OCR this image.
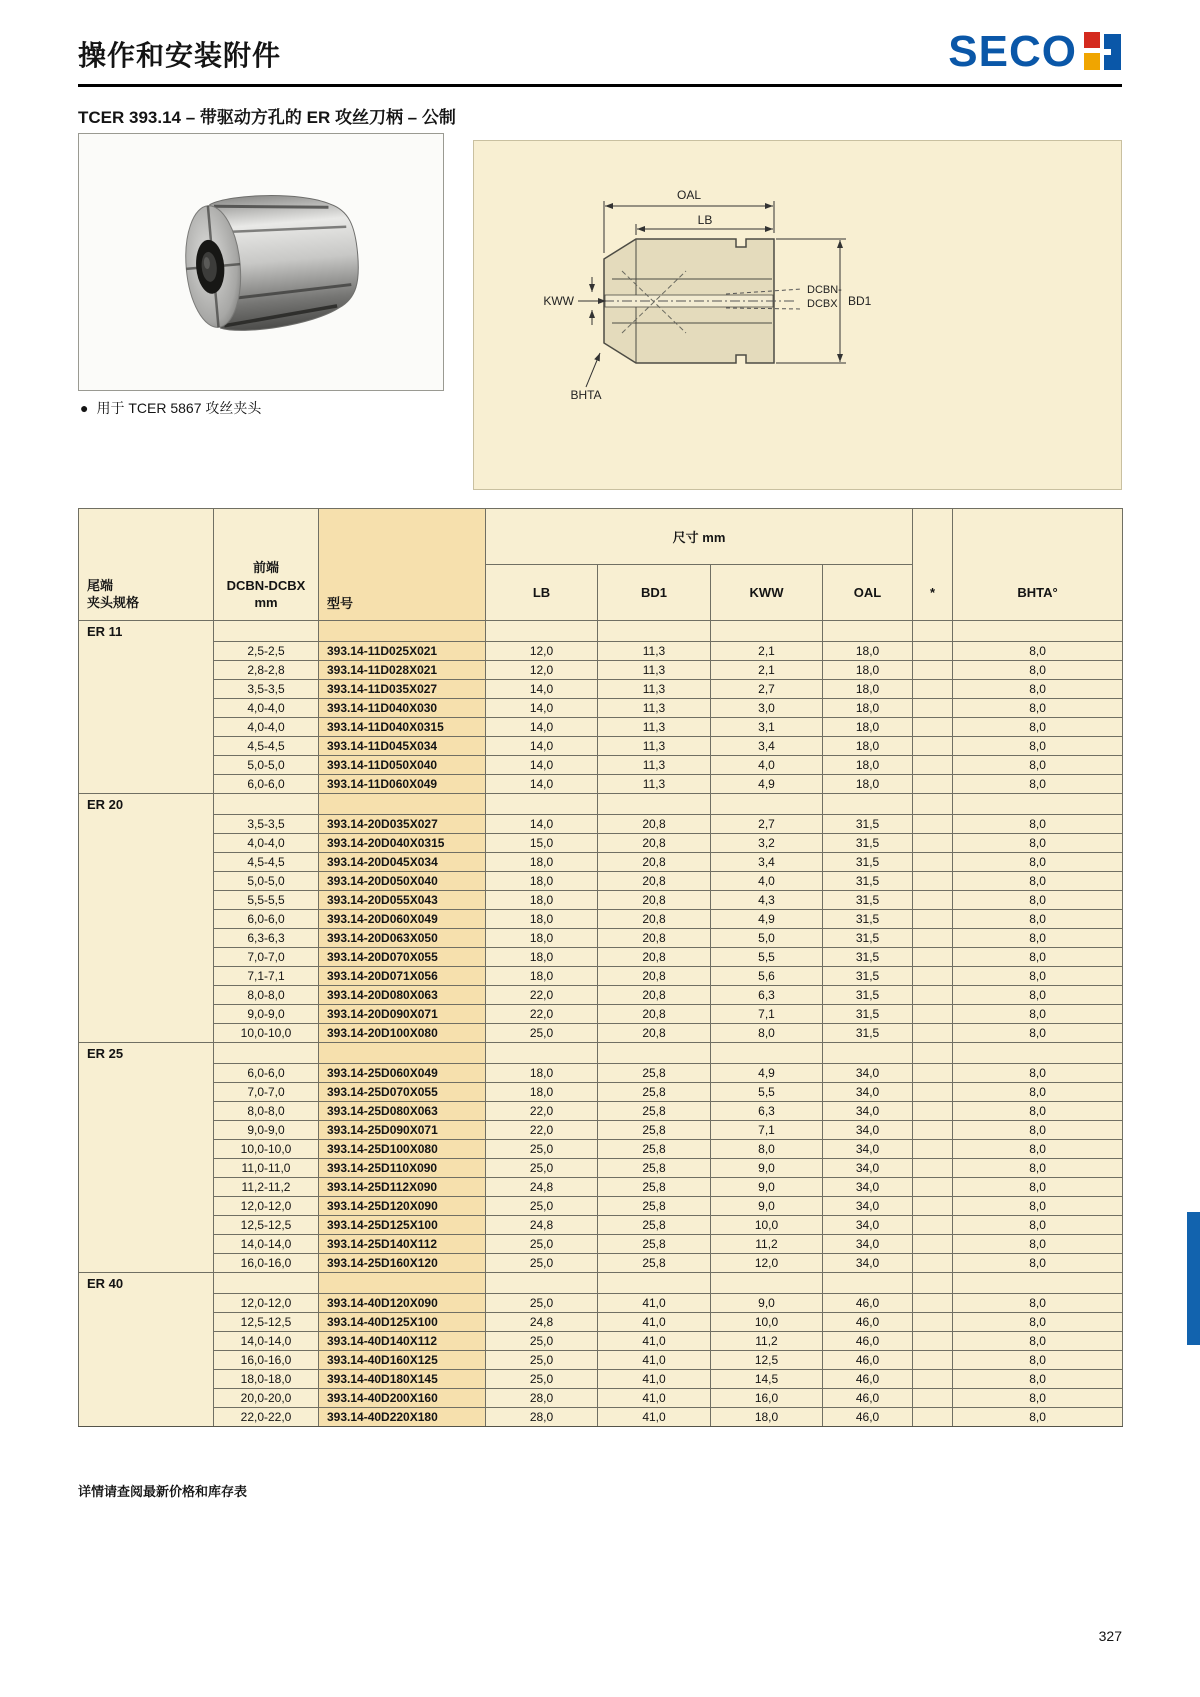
操作和安装附件	SECO
TCER 393.14 – 带驱动方孔的 ER 攻丝刀柄 – 公制
● 用于 TCER 5867 攻丝夹头
OAL
LB
KWW
BHTA
DCBN-
DCBX BD1
尾端
夹头规格

前端
DCBN-DCBX
mm	型号	尺寸 mm	*	BHTA°
			LB	BD1	KWW	OAL		
ER 11								
	2,5-2,5	393.14-11D025X021	12,0	11,3	2,1	18,0		8,0
	2,8-2,8	393.14-11D028X021	12,0	11,3	2,1	18,0		8,0
	3,5-3,5	393.14-11D035X027	14,0	11,3	2,7	18,0		8,0
	4,0-4,0	393.14-11D040X030	14,0	11,3	3,0	18,0		8,0
	4,0-4,0	393.14-11D040X0315	14,0	11,3	3,1	18,0		8,0
	4,5-4,5	393.14-11D045X034	14,0	11,3	3,4	18,0		8,0
	5,0-5,0	393.14-11D050X040	14,0	11,3	4,0	18,0		8,0
	6,0-6,0	393.14-11D060X049	14,0	11,3	4,9	18,0		8,0
ER 20								
	3,5-3,5	393.14-20D035X027	14,0	20,8	2,7	31,5		8,0
	4,0-4,0	393.14-20D040X0315	15,0	20,8	3,2	31,5		8,0
	4,5-4,5	393.14-20D045X034	18,0	20,8	3,4	31,5		8,0
	5,0-5,0	393.14-20D050X040	18,0	20,8	4,0	31,5		8,0
	5,5-5,5	393.14-20D055X043	18,0	20,8	4,3	31,5		8,0
	6,0-6,0	393.14-20D060X049	18,0	20,8	4,9	31,5		8,0
	6,3-6,3	393.14-20D063X050	18,0	20,8	5,0	31,5		8,0
	7,0-7,0	393.14-20D070X055	18,0	20,8	5,5	31,5		8,0
	7,1-7,1	393.14-20D071X056	18,0	20,8	5,6	31,5		8,0
	8,0-8,0	393.14-20D080X063	22,0	20,8	6,3	31,5		8,0
	9,0-9,0	393.14-20D090X071	22,0	20,8	7,1	31,5		8,0
	10,0-10,0	393.14-20D100X080	25,0	20,8	8,0	31,5		8,0
ER 25								
	6,0-6,0	393.14-25D060X049	18,0	25,8	4,9	34,0		8,0
	7,0-7,0	393.14-25D070X055	18,0	25,8	5,5	34,0		8,0
	8,0-8,0	393.14-25D080X063	22,0	25,8	6,3	34,0		8,0
	9,0-9,0	393.14-25D090X071	22,0	25,8	7,1	34,0		8,0
	10,0-10,0	393.14-25D100X080	25,0	25,8	8,0	34,0		8,0
	11,0-11,0	393.14-25D110X090	25,0	25,8	9,0	34,0		8,0
	11,2-11,2	393.14-25D112X090	24,8	25,8	9,0	34,0		8,0
	12,0-12,0	393.14-25D120X090	25,0	25,8	9,0	34,0		8,0
	12,5-12,5	393.14-25D125X100	24,8	25,8	10,0	34,0		8,0
	14,0-14,0	393.14-25D140X112	25,0	25,8	11,2	34,0		8,0
	16,0-16,0	393.14-25D160X120	25,0	25,8	12,0	34,0		8,0
ER 40								
	12,0-12,0	393.14-40D120X090	25,0	41,0	9,0	46,0		8,0
	12,5-12,5	393.14-40D125X100	24,8	41,0	10,0	46,0		8,0
	14,0-14,0	393.14-40D140X112	25,0	41,0	11,2	46,0		8,0
	16,0-16,0	393.14-40D160X125	25,0	41,0	12,5	46,0		8,0
	18,0-18,0	393.14-40D180X145	25,0	41,0	14,5	46,0		8,0
	20,0-20,0	393.14-40D200X160	28,0	41,0	16,0	46,0		8,0
	22,0-22,0	393.14-40D220X180	28,0	41,0	18,0	46,0		8,0
详情请查阅最新价格和库存表
327
